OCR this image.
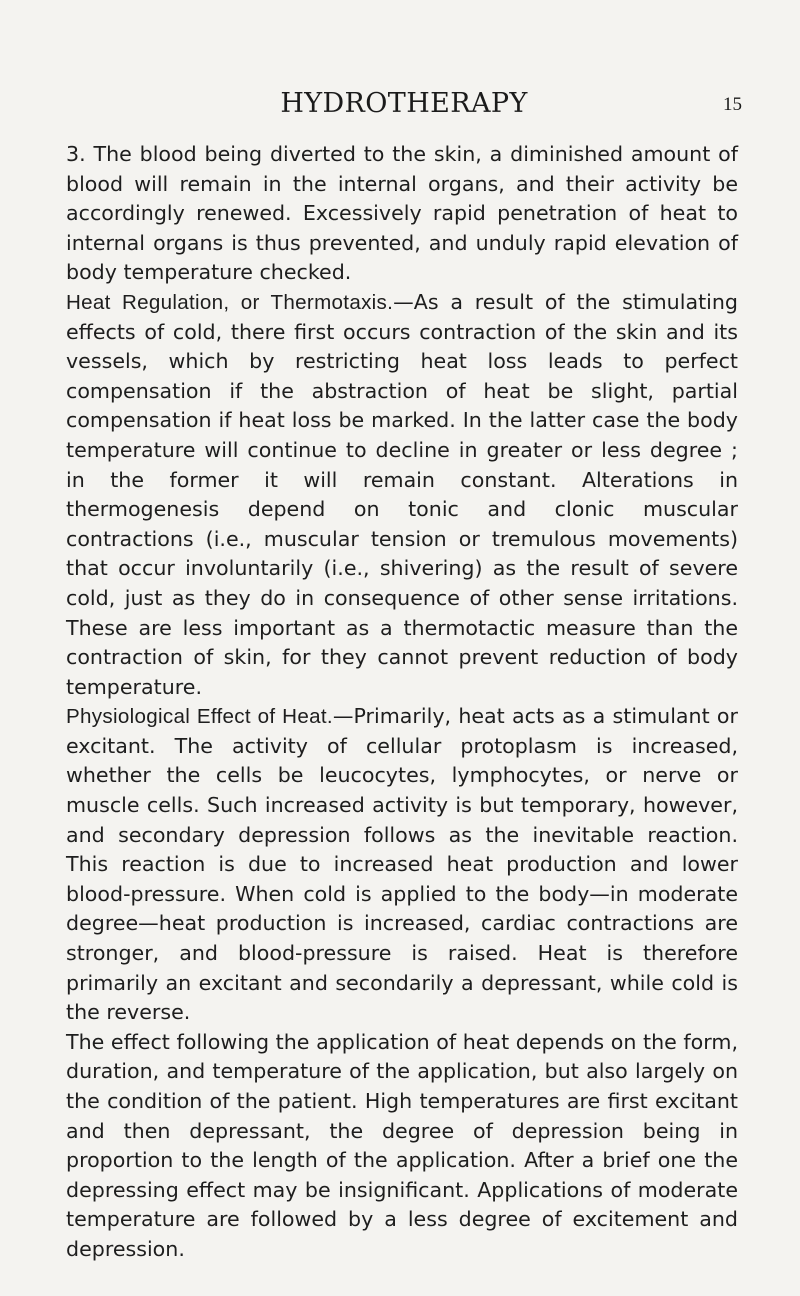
HYDROTHERAPY	15

3. The blood being diverted to the skin, a diminished amount of blood will remain in the internal organs, and their activity be accordingly renewed. Excessively rapid penetration of heat to internal organs is thus prevented, and unduly rapid elevation of body temperature checked.

Heat Regulation, or Thermotaxis.—As a result of the stimulating effects of cold, there first occurs contraction of the skin and its vessels, which by restricting heat loss leads to perfect compensation if the abstraction of heat be slight, partial compensation if heat loss be marked. In the latter case the body temperature will continue to decline in greater or less degree ; in the former it will remain constant. Alterations in thermogenesis depend on tonic and clonic muscular contractions (i.e., muscular tension or tremulous movements) that occur involuntarily (i.e., shivering) as the result of severe cold, just as they do in consequence of other sense irritations. These are less important as a thermotactic measure than the contraction of skin, for they cannot prevent reduction of body temperature.

Physiological Effect of Heat.—Primarily, heat acts as a stimulant or excitant. The activity of cellular protoplasm is increased, whether the cells be leucocytes, lymphocytes, or nerve or muscle cells. Such increased activity is but temporary, however, and secondary depression follows as the inevitable reaction. This reaction is due to increased heat production and lower blood-pressure. When cold is applied to the body—in moderate degree—heat production is increased, cardiac contractions are stronger, and blood-pressure is raised. Heat is therefore primarily an excitant and secondarily a depressant, while cold is the reverse.

The effect following the application of heat depends on the form, duration, and temperature of the application, but also largely on the condition of the patient. High temperatures are first excitant and then depressant, the degree of depression being in proportion to the length of the application. After a brief one the depressing effect may be insignificant. Applications of moderate temperature are followed by a less degree of excitement and depression.
